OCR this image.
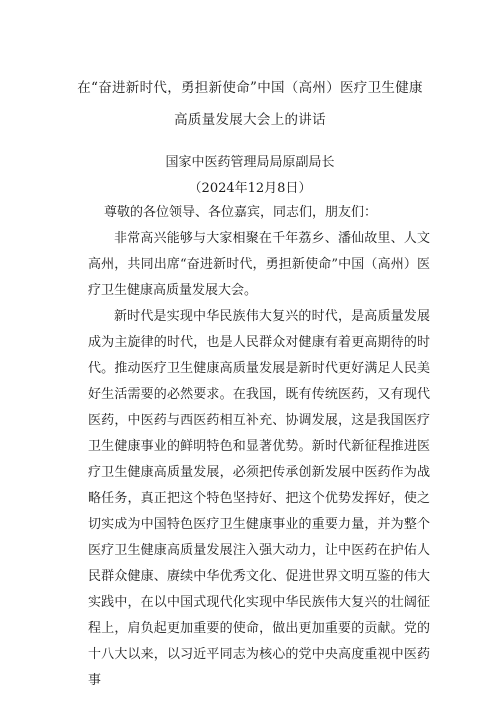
在“奋进新时代，勇担新使命”中国（高州）医疗卫生健康
高质量发展大会上的讲话
国家中医药管理局局原副局长
（2024年12月8日）

尊敬的各位领导、各位嘉宾，同志们，朋友们：

非常高兴能够与大家相聚在千年荔乡、潘仙故里、人文高州，共同出席“奋进新时代，勇担新使命”中国（高州）医疗卫生健康高质量发展大会。

新时代是实现中华民族伟大复兴的时代，是高质量发展成为主旋律的时代，也是人民群众对健康有着更高期待的时代。推动医疗卫生健康高质量发展是新时代更好满足人民美好生活需要的必然要求。在我国，既有传统医药，又有现代医药，中医药与西医药相互补充、协调发展，这是我国医疗卫生健康事业的鲜明特色和显著优势。新时代新征程推进医疗卫生健康高质量发展，必须把传承创新发展中医药作为战略任务，真正把这个特色坚持好、把这个优势发挥好，使之切实成为中国特色医疗卫生健康事业的重要力量，并为整个医疗卫生健康高质量发展注入强大动力，让中医药在护佑人民群众健康、赓续中华优秀文化、促进世界文明互鉴的伟大实践中，在以中国式现代化实现中华民族伟大复兴的壮阔征程上，肩负起更加重要的使命，做出更加重要的贡献。党的十八大以来，以习近平同志为核心的党中央高度重视中医药事
